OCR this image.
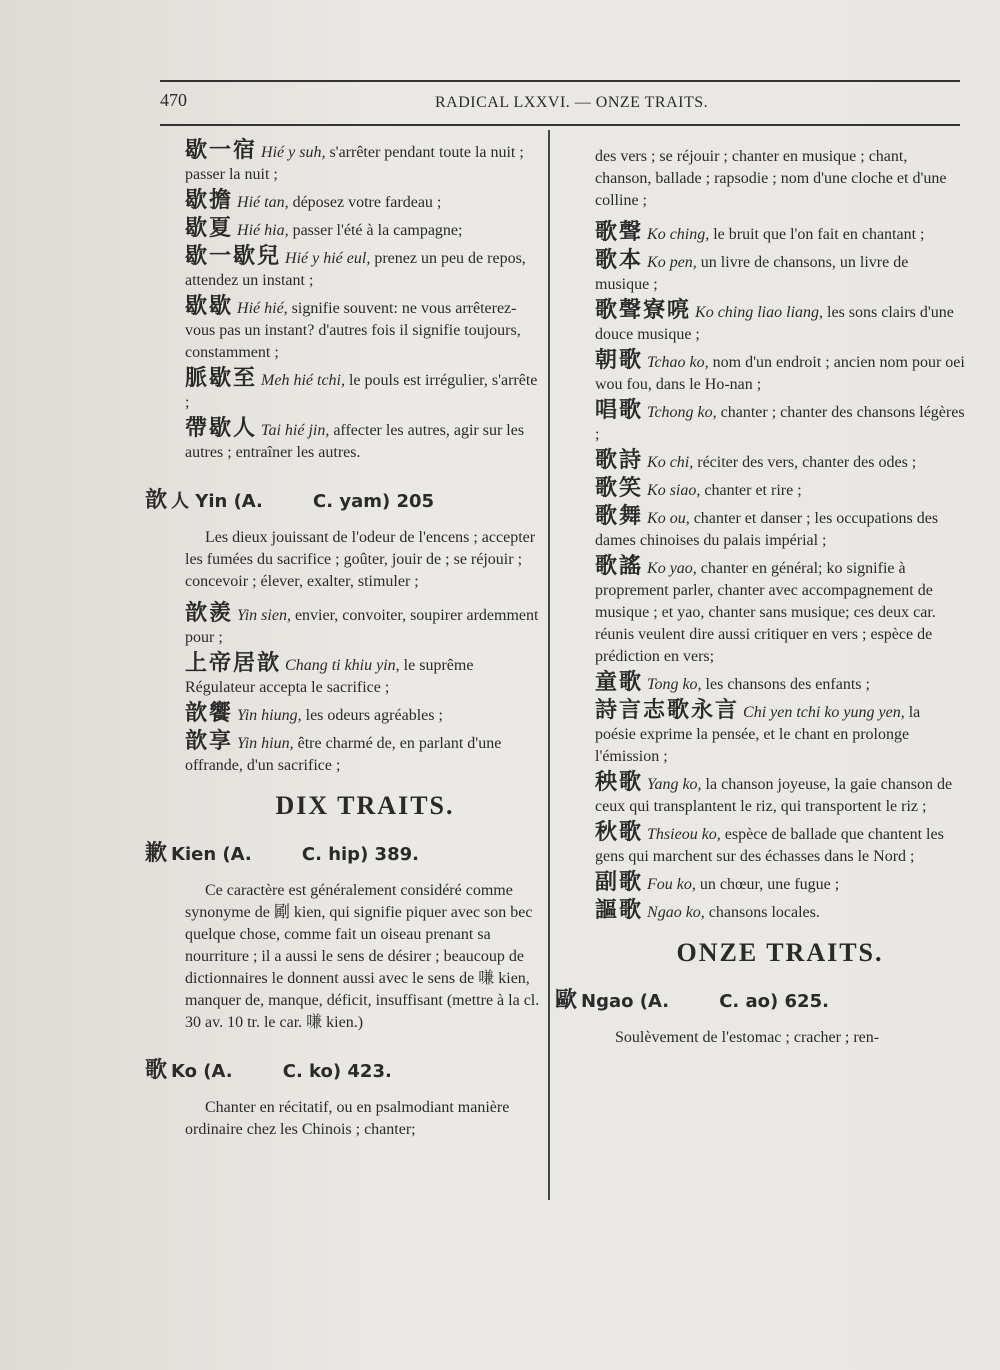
470	RADICAL LXXVI. — ONZE TRAITS.
歇一宿 Hié y suh, s'arrêter pendant toute la nuit ; passer la nuit ;
歇擔 Hié tan, déposez votre fardeau ;
歇夏 Hié hia, passer l'été à la campagne;
歇一歇兒 Hié y hié eul, prenez un peu de repos, attendez un instant ;
歇歇 Hié hié, signifie souvent: ne vous arrêterez-vous pas un instant? d'autres fois il signifie toujours, constamment ;
脈歇至 Meh hié tchi, le pouls est irrégulier, s'arrête ;
帶歇人 Tai hié jin, affecter les autres, agir sur les autres ; entraîner les autres.
歆 人 Yin (A.        C. yam) 205
Les dieux jouissant de l'odeur de l'encens ; accepter les fumées du sacrifice ; goûter, jouir de ; se réjouir ; concevoir ; élever, exalter, stimuler ;
歆羨 Yin sien, envier, convoiter, soupirer ardemment pour ;
上帝居歆 Chang ti khiu yin, le suprême Régulateur accepta le sacrifice ;
歆饗 Yin hiung, les odeurs agréables ;
歆享 Yin hiun, être charmé de, en parlant d'une offrande, d'un sacrifice ;
DIX TRAITS.
歉 Kien (A.        C. hip) 389.
Ce caractère est généralement considéré comme synonyme de 㔉 kien, qui signifie piquer avec son bec quelque chose, comme fait un oiseau prenant sa nourriture ; il a aussi le sens de désirer ; beaucoup de dictionnaires le donnent aussi avec le sens de 嗛 kien, manquer de, manque, déficit, insuffisant (mettre à la cl. 30 av. 10 tr. le car. 嗛 kien.)
歌 Ko (A.        C. ko) 423.
Chanter en récitatif, ou en psalmodiant manière ordinaire chez les Chinois ; chanter;
des vers ; se réjouir ; chanter en musique ; chant, chanson, ballade ; rapsodie ; nom d'une cloche et d'une colline ;
歌聲 Ko ching, le bruit que l'on fait en chantant ;
歌本 Ko pen, un livre de chansons, un livre de musique ;
歌聲寮喨 Ko ching liao liang, les sons clairs d'une douce musique ;
朝歌 Tchao ko, nom d'un endroit ; ancien nom pour oei wou fou, dans le Ho-nan ;
唱歌 Tchong ko, chanter ; chanter des chansons légères ;
歌詩 Ko chi, réciter des vers, chanter des odes ;
歌笑 Ko siao, chanter et rire ;
歌舞 Ko ou, chanter et danser ; les occupations des dames chinoises du palais impérial ;
歌謠 Ko yao, chanter en général; ko signifie à proprement parler, chanter avec accompagnement de musique ; et yao, chanter sans musique; ces deux car. réunis veulent dire aussi critiquer en vers ; espèce de prédiction en vers;
童歌 Tong ko, les chansons des enfants ;
詩言志歌永言 Chi yen tchi ko yung yen, la poésie exprime la pensée, et le chant en prolonge l'émission ;
秧歌 Yang ko, la chanson joyeuse, la gaie chanson de ceux qui transplantent le riz, qui transportent le riz ;
秋歌 Thsieou ko, espèce de ballade que chantent les gens qui marchent sur des échasses dans le Nord ;
副歌 Fou ko, un chœur, une fugue ;
謳歌 Ngao ko, chansons locales.
ONZE TRAITS.
歐 Ngao (A.        C. ao) 625.
Soulèvement de l'estomac ; cracher ; ren-
